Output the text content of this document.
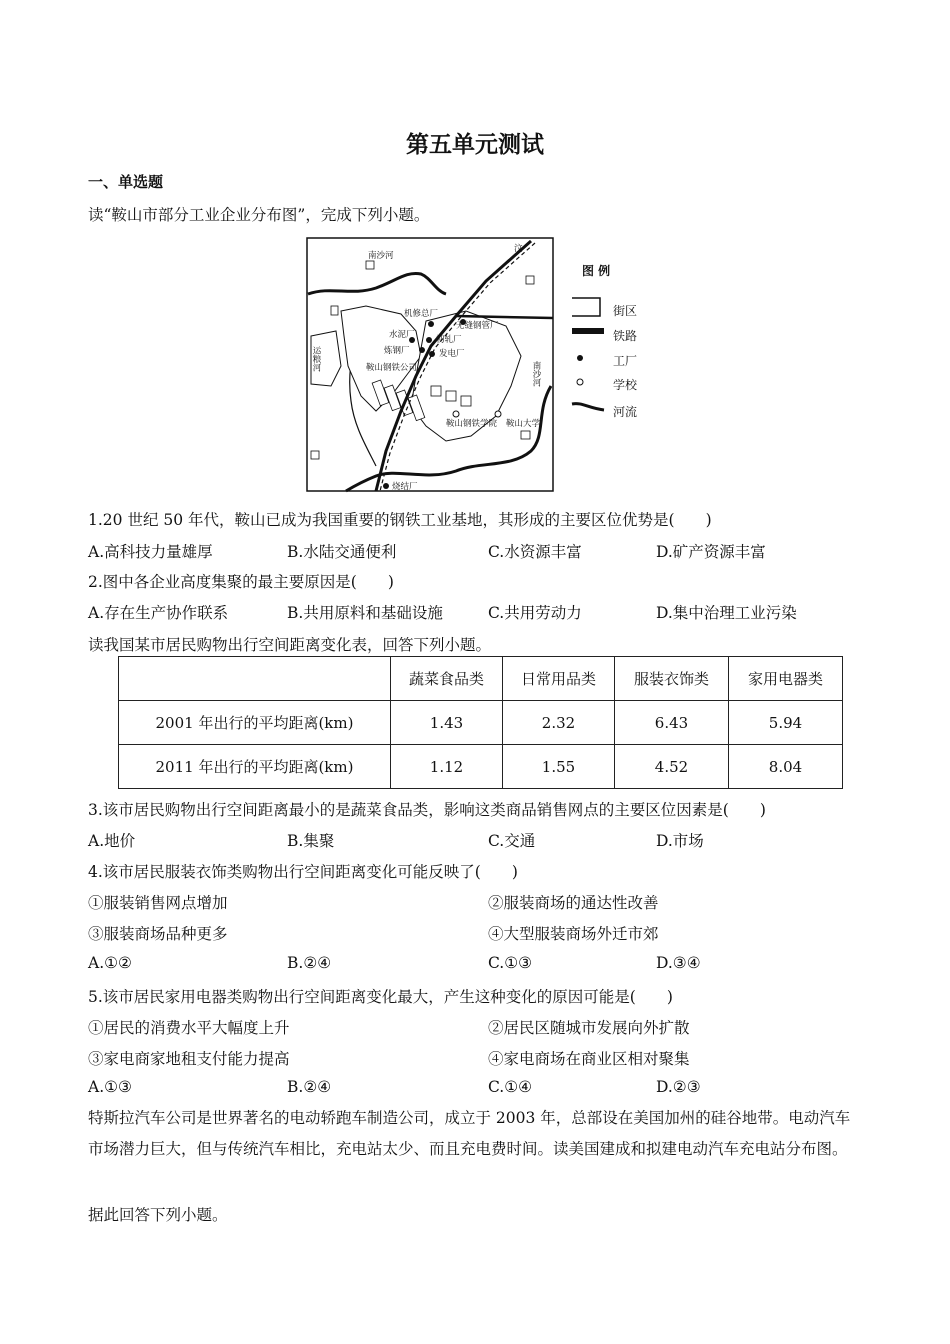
第五单元测试
一、单选题
读“鞍山市部分工业企业分布图”，完成下列小题。
机修总厂
无缝钢管厂
水泥厂	初轧厂
炼钢厂	发电厂
鞍山钢铁公司
鞍山钢铁学院 鞍山大学
烧结厂
南沙河
运粮河
南沙河
汶
图 例
街区
铁路
工厂
学校
河流
1.20 世纪 50 年代，鞍山已成为我国重要的钢铁工业基地，其形成的主要区位优势是(　　)
A.高科技力量雄厚	B.水陆交通便利	C.水资源丰富	D.矿产资源丰富
2.图中各企业高度集聚的最主要原因是(　　)
A.存在生产协作联系	B.共用原料和基础设施	C.共用劳动力	D.集中治理工业污染
读我国某市居民购物出行空间距离变化表，回答下列小题。
	蔬菜食品类	日常用品类	服装衣饰类	家用电器类
2001 年出行的平均距离(km)	1.43	2.32	6.43	5.94
2011 年出行的平均距离(km)	1.12	1.55	4.52	8.04
3.该市居民购物出行空间距离最小的是蔬菜食品类，影响这类商品销售网点的主要区位因素是(　　)
A.地价	B.集聚	C.交通	D.市场
4.该市居民服装衣饰类购物出行空间距离变化可能反映了(　　)
①服装销售网点增加	②服装商场的通达性改善
③服装商场品种更多	④大型服装商场外迁市郊
A.①②	B.②④	C.①③	D.③④
5.该市居民家用电器类购物出行空间距离变化最大，产生这种变化的原因可能是(　　)
①居民的消费水平大幅度上升	②居民区随城市发展向外扩散
③家电商家地租支付能力提高	④家电商场在商业区相对聚集
A.①③	B.②④	C.①④	D.②③
特斯拉汽车公司是世界著名的电动轿跑车制造公司，成立于 2003 年，总部设在美国加州的硅谷地带。电动汽车市场潜力巨大，但与传统汽车相比，充电站太少、而且充电费时间。读美国建成和拟建电动汽车充电站分布图。
据此回答下列小题。
